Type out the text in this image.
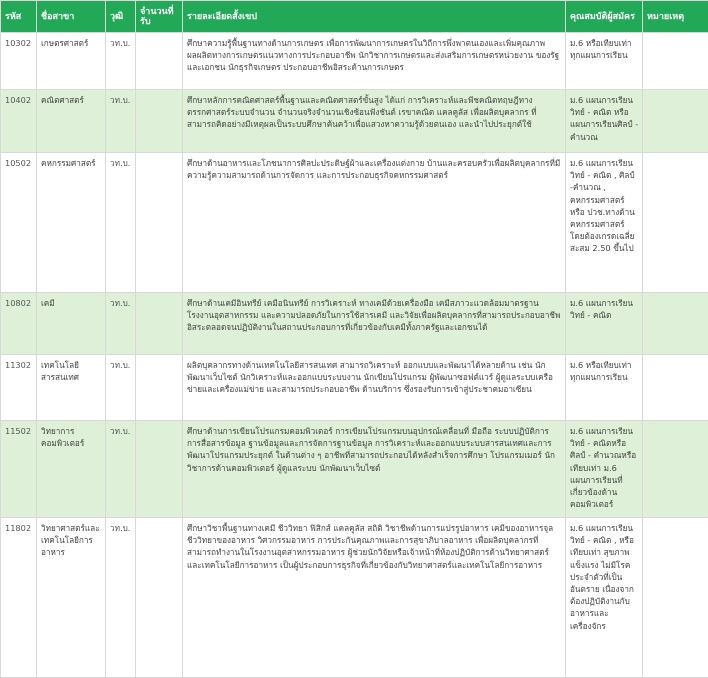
รหัส	ชื่อสาขา	วุฒิ	จำนวนที่รับ	รายละเอียดสั้งเขป	คุณสมบัติผู้สมัคร	หมายเหตุ
10302	เกษตรศาสตร์	วท.บ.		ศึกษาความรู้พื้นฐานทางด้านการเกษตร เพื่อการพัฒนาการเกษตรในวิถีการพึ่งพาตนเองและเพิ่มคุณภาพผลผลิตทางการเกษตรแนวทางการประกอบอาชีพ นักวิชาการเกษตรและส่งเสริมการเกษตรหน่วยงาน ของรัฐและเอกชน นักธุรกิจเกษตร ประกอบอาชีพอิสระด้านการเกษตร	ม.6 หรือเทียบเท่าทุกแผนการเรียน	
10402	คณิตศาสตร์	วท.บ.		ศึกษาหลักการคณิตศาสตร์พื้นฐานและคณิตศาสตร์ขั้นสูง ได้แก่ การวิเคราะห์และพีชคณิตทฤษฎีทางตรรกศาสตร์ระบบจำนวน จำนวนจริงจำนวนเชิงซ้อนฟังชันต์ เรขาคณิต แคลคูลัส เพื่อผลิตบุคลากร ที่สามารถคิดอย่างมีเหตุผลเป็นระบบศึกษาค้นคว้าเพื่อแสวงหาความรู้ด้วยตนเอง และนำไปประยุกต์ใช้	ม.6 แผนการเรียนวิทย์ - คณิต หรือแผนการเรียนศิลป์ - คำนวณ	
10502	คหกรรมศาสตร์	วท.บ.		ศึกษาด้านอาหารและโภชนาการศิลปะประดิษฐ์ผ้าและเครื่องแต่งกาย บ้านและครอบครัวเพื่อผลิตบุคลากรที่มีความรู้ความสามารถด้านการจัดการ และการประกอบธุรกิจคหกรรมศาสตร์	ม.6 แผนการเรียนวิทย์ - คณิต , ศิลป์ -คำนวณ , คหกรรมศาสตร์ หรือ ปวช.ทางด้านคหกรรมศาสตร์ โดยต้องเกรดเฉลี่ยสะสม 2.50 ขึ้นไป	
10802	เคมี	วท.บ.		ศึกษาด้านเคมีอินทรีย์ เคมีอนินทรีย์ การวิเคราะห์ ทางเคมีด้วยเครื่องมือ เคมีสภาวะแวดล้อมมาตรฐานโรงงานอุตสาหกรรม และความปลอดภัยในการใช้สารเคมี และวิจัยเพื่อผลิตบุคลากรที่สามารถประกอบอาชีพอิสระตลอดจนปฏิบัติงานในสถานประกอบการที่เกี่ยวข้องกับเคมีทั้งภาครัฐและเอกชนได้	ม.6 แผนการเรียนวิทย์ - คณิต	
11302	เทคโนโลยีสารสนเทศ	วท.บ.		ผลิตบุคลากรทางด้านเทคโนโลยีสารสนเทศ สามารถวิเคราะห์ ออกแบบและพัฒนาได้หลายด้าน เช่น นักพัฒนาเว็บไซต์ นักวิเคราะห์และออกแบบระบบงาน นักเขียนโปรแกรม ผู้พัฒนาซอฟต์แวร์ ผู้ดูแลระบบเครือข่ายและเครื่องแม่ข่าย และสามารถประกอบอาชีพ ด้านบริการ ซึ่งรองรับการเข้าสู่ประชาคมอาเซียน	ม.6 หรือเทียบเท่าทุกแผนการเรียน	
11502	วิทยาการคอมพิวเตอร์	วท.บ.		ศึกษาด้านการเขียนโปรแกรมคอมพิวเตอร์ การเขียนโปรแกรมบนอุปกรณ์เคลื่อนที่ มือถือ ระบบปฏิบัติการ การสื่อสารข้อมูล ฐานข้อมูลและการจัดการฐานข้อมูล การวิเคราะห์และออกแบบระบบสารสนเทศและการพัฒนาโปรแกรมประยุกต์ ในด้านต่าง ๆ อาชีพที่สามารถประกอบได้หลังสำเร็จการศึกษา โปรแกรมเมอร์ นักวิชาการด้านคอมพิวเตอร์ ผู้ดูแลระบบ นักพัฒนาเว็บไซต์	ม.6 แผนการเรียนวิทย์ - คณิตหรือ ศิลป์ - คำนวณหรือเทียบเท่า ม.6 แผนการเรียนที่เกี่ยวข้องด้านคอมพิวเตอร์	
11802	วิทยาศาสตร์และเทคโนโลยีการอาหาร	วท.บ.		ศึกษาวิชาพื้นฐานทางเคมี ชีววิทยา ฟิสิกส์ แคลคูลัส สถิติ วิชาชีพด้านการแปรรูปอาหาร เคมีของอาหารจุลชีววิทยาของอาหาร วิศวกรรมอาหาร การประกันคุณภาพและการสุขาภิบาลอาหาร เพื่อผลิตบุคลากรที่สามารถทำงานในโรงงานอุตสาหกรรมอาหาร ผู้ช่วยนักวิจัยหรือเจ้าหน้าที่ห้องปฏิบัติการด้านวิทยาศาสตร์และเทคโนโลยีการอาหาร เป็นผู้ประกอบการธุรกิจที่เกี่ยวข้องกับวิทยาศาสตร์และเทคโนโลยีการอาหาร	ม.6 แผนการเรียนวิทย์ - คณิต , หรือเทียบเท่า สุขภาพแข็งแรง ไม่มีโรคประจำตัวที่เป็นอันตราย เนื่องจากต้องปฏิบัติงานกับอาหารและเครื่องจักร	
